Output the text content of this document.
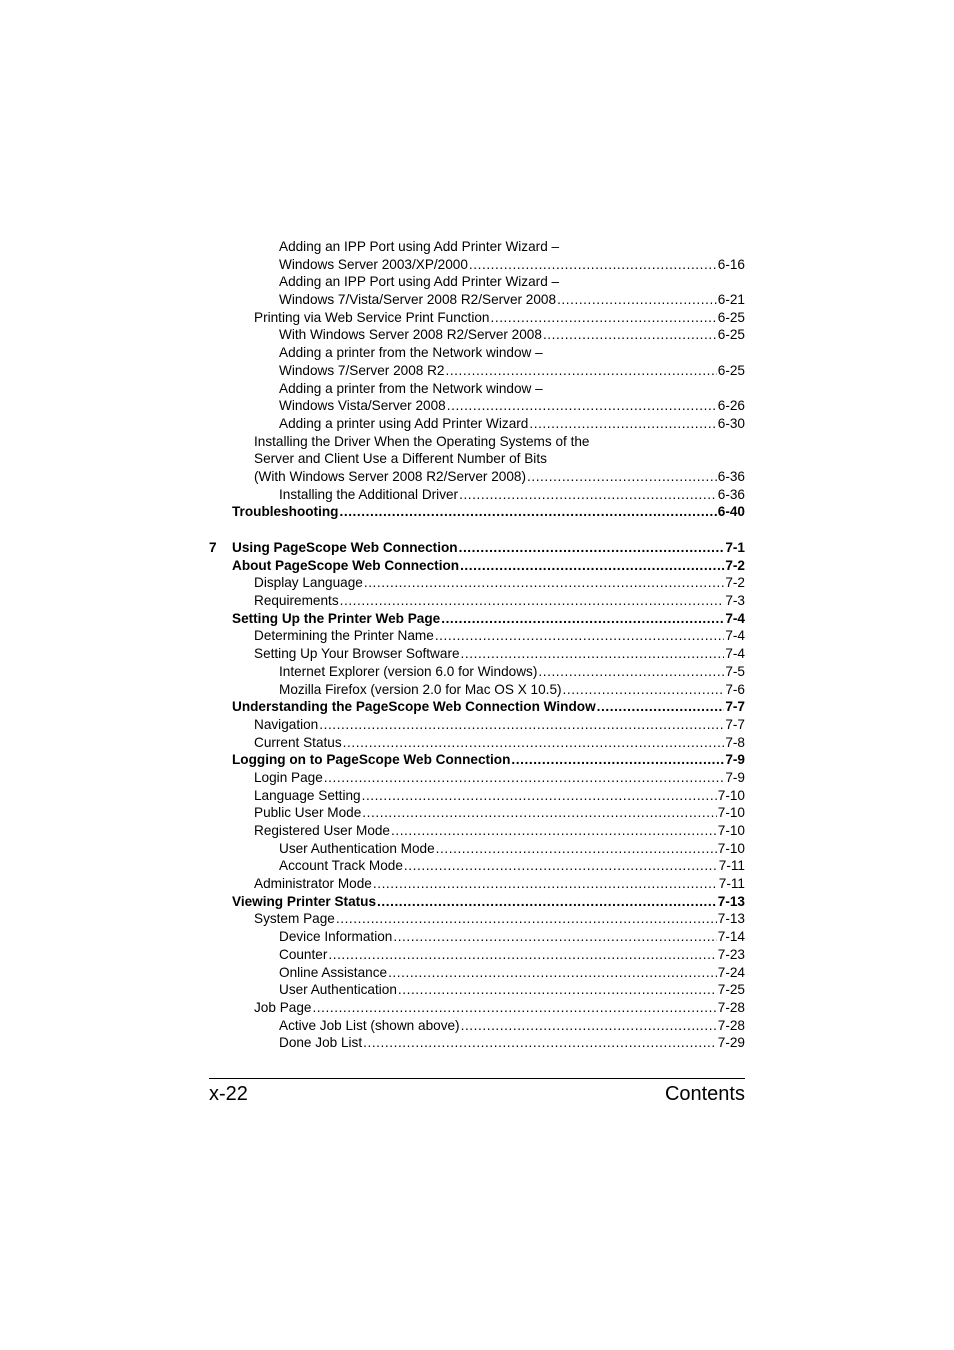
Adding an IPP Port using Add Printer Wizard –
Windows Server 2003/XP/2000 . . .	6-16
Adding an IPP Port using Add Printer Wizard –
Windows 7/Vista/Server 2008 R2/Server 2008 . . .	6-21
Printing via Web Service Print Function . . .	6-25
With Windows Server 2008 R2/Server 2008 . . .	6-25
Adding a printer from the Network window –
Windows 7/Server 2008 R2 . . .	6-25
Adding a printer from the Network window –
Windows Vista/Server 2008 . . .	6-26
Adding a printer using Add Printer Wizard . . .	6-30
Installing the Driver When the Operating Systems of the
Server and Client Use a Different Number of Bits
(With Windows Server 2008 R2/Server 2008) . . .	6-36
Installing the Additional Driver . . .	6-36
Troubleshooting . . .	6-40
7 Using PageScope Web Connection . . .	7-1
About PageScope Web Connection . . .	7-2
Display Language . . .	7-2
Requirements . . .	7-3
Setting Up the Printer Web Page . . .	7-4
Determining the Printer Name . . .	7-4
Setting Up Your Browser Software . . .	7-4
Internet Explorer (version 6.0 for Windows) . . .	7-5
Mozilla Firefox (version 2.0 for Mac OS X 10.5) . . .	7-6
Understanding the PageScope Web Connection Window . . .	7-7
Navigation . . .	7-7
Current Status . . .	7-8
Logging on to PageScope Web Connection . . .	7-9
Login Page . . .	7-9
Language Setting . . .	7-10
Public User Mode . . .	7-10
Registered User Mode . . .	7-10
User Authentication Mode . . .	7-10
Account Track Mode . . .	7-11
Administrator Mode . . .	7-11
Viewing Printer Status . . .	7-13
System Page . . .	7-13
Device Information . . .	7-14
Counter . . .	7-23
Online Assistance . . .	7-24
User Authentication . . .	7-25
Job Page . . .	7-28
Active Job List (shown above) . . .	7-28
Done Job List . . .	7-29
x-22	Contents
